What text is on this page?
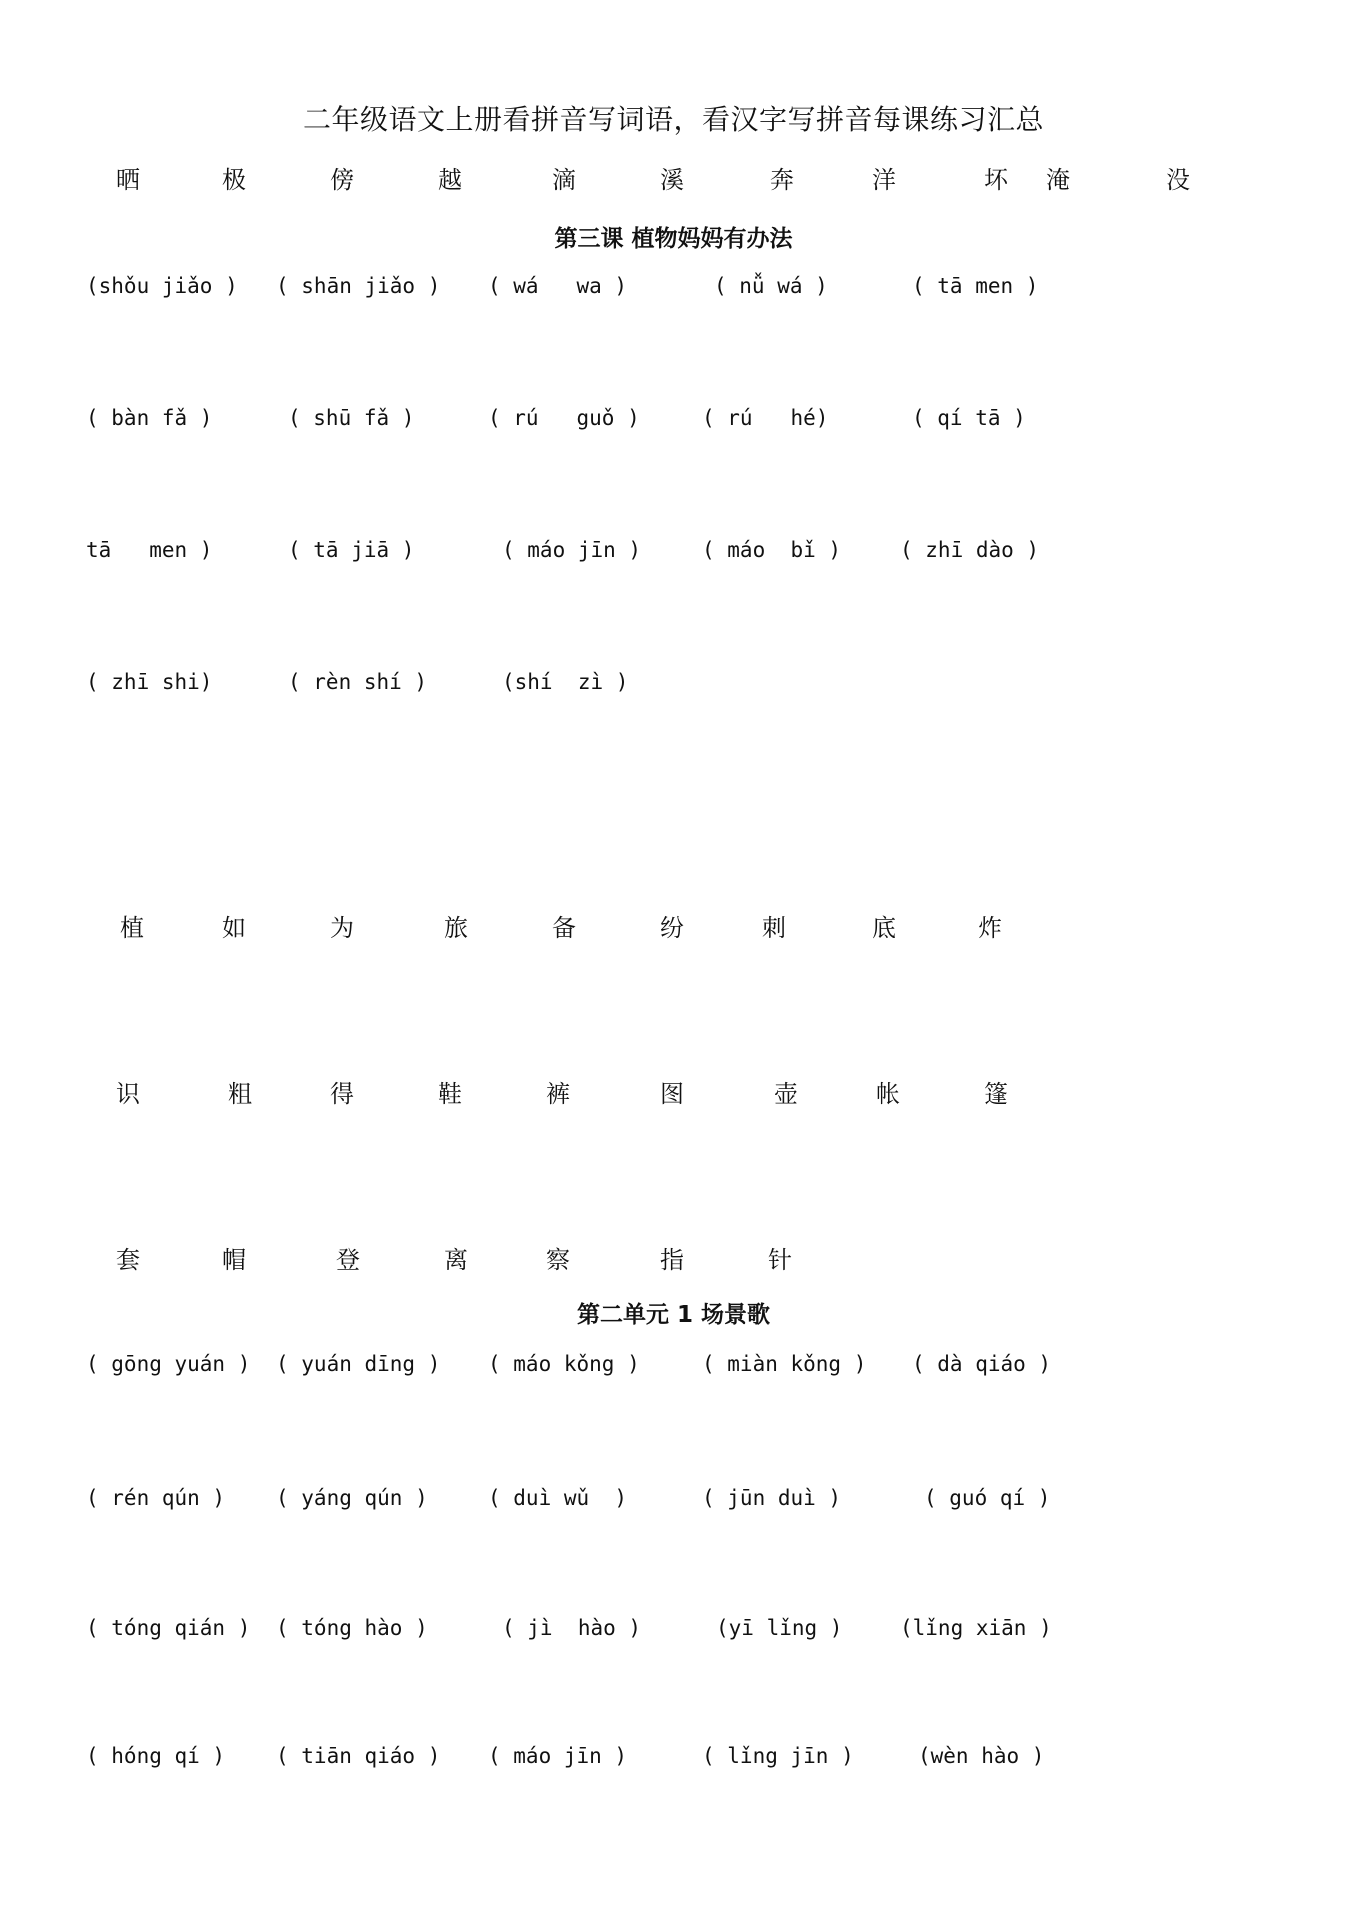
二年级语文上册看拼音写词语，看汉字写拼音每课练习汇总
晒	极	傍	越	滴	溪	奔	洋	坏 淹	没
第三课 植物妈妈有办法
(shǒu jiǎo ) ( shān jiǎo ) ( wá   wa )	( nǚ wá )	( tā men )
( bàn fǎ )	( shū fǎ )	( rú   guǒ )	( rú   hé)	( qí tā )
tā   men )	( tā jiā )	( máo jīn )	( máo  bǐ )	( zhī dào )
( zhī shi)	( rèn shí )	(shí  zì )
植	如	为	旅	备	纷	刺	底	炸
识	粗	得	鞋	裤	图	壶	帐	篷
套	帽	登	离	察	指	针
第二单元 1 场景歌
( gōng yuán ) ( yuán dīng ) ( máo kǒng )	( miàn kǒng ) ( dà qiáo )
( rén qún ) ( yáng qún )	( duì wǔ  )	( jūn duì )	( guó qí )
( tóng qián ) ( tóng hào )	( jì  hào )	(yī lǐng )	(lǐng xiān )
( hóng qí ) ( tiān qiáo ) ( máo jīn )	( lǐng jīn )	(wèn hào )
